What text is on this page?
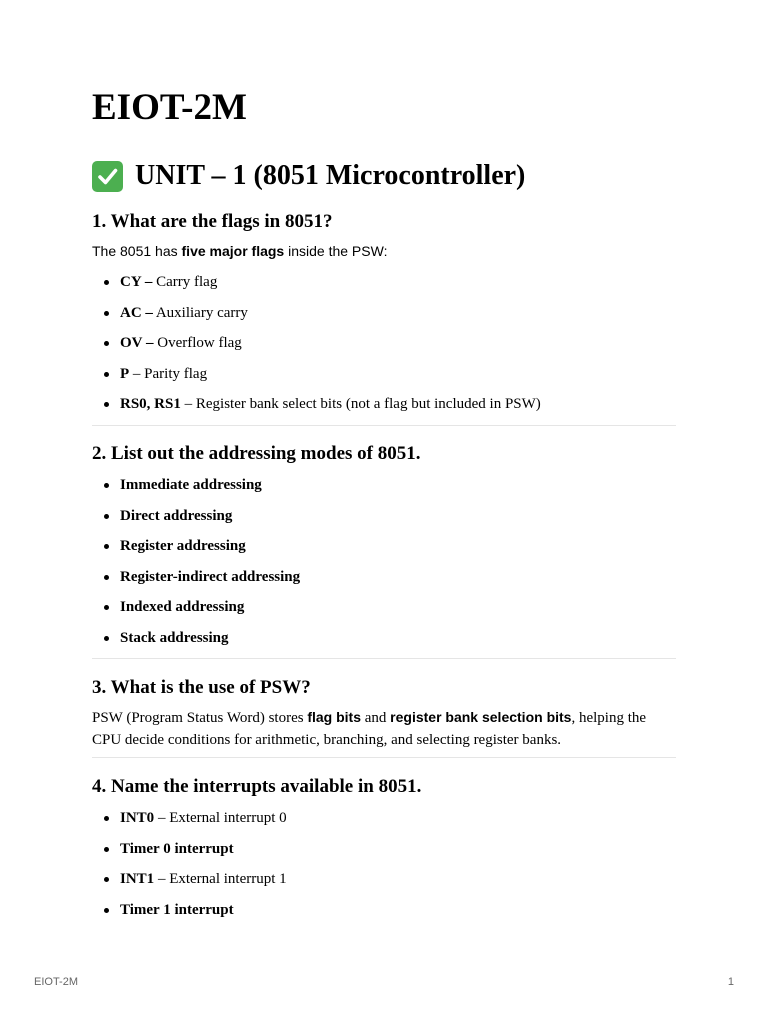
EIOT-2M
UNIT – 1 (8051 Microcontroller)
1. What are the flags in 8051?

The 8051 has five major flags inside the PSW:

CY – Carry flag
AC – Auxiliary carry
OV – Overflow flag
P – Parity flag
RS0, RS1 – Register bank select bits (not a flag but included in PSW)
2. List out the addressing modes of 8051.
Immediate addressing
Direct addressing
Register addressing
Register-indirect addressing
Indexed addressing
Stack addressing
3. What is the use of PSW?

PSW (Program Status Word) stores flag bits and register bank selection bits, helping the CPU decide conditions for arithmetic, branching, and selecting register banks.

4. Name the interrupts available in 8051.
INT0 – External interrupt 0
Timer 0 interrupt
INT1 – External interrupt 1
Timer 1 interrupt
EIOT-2M	1
